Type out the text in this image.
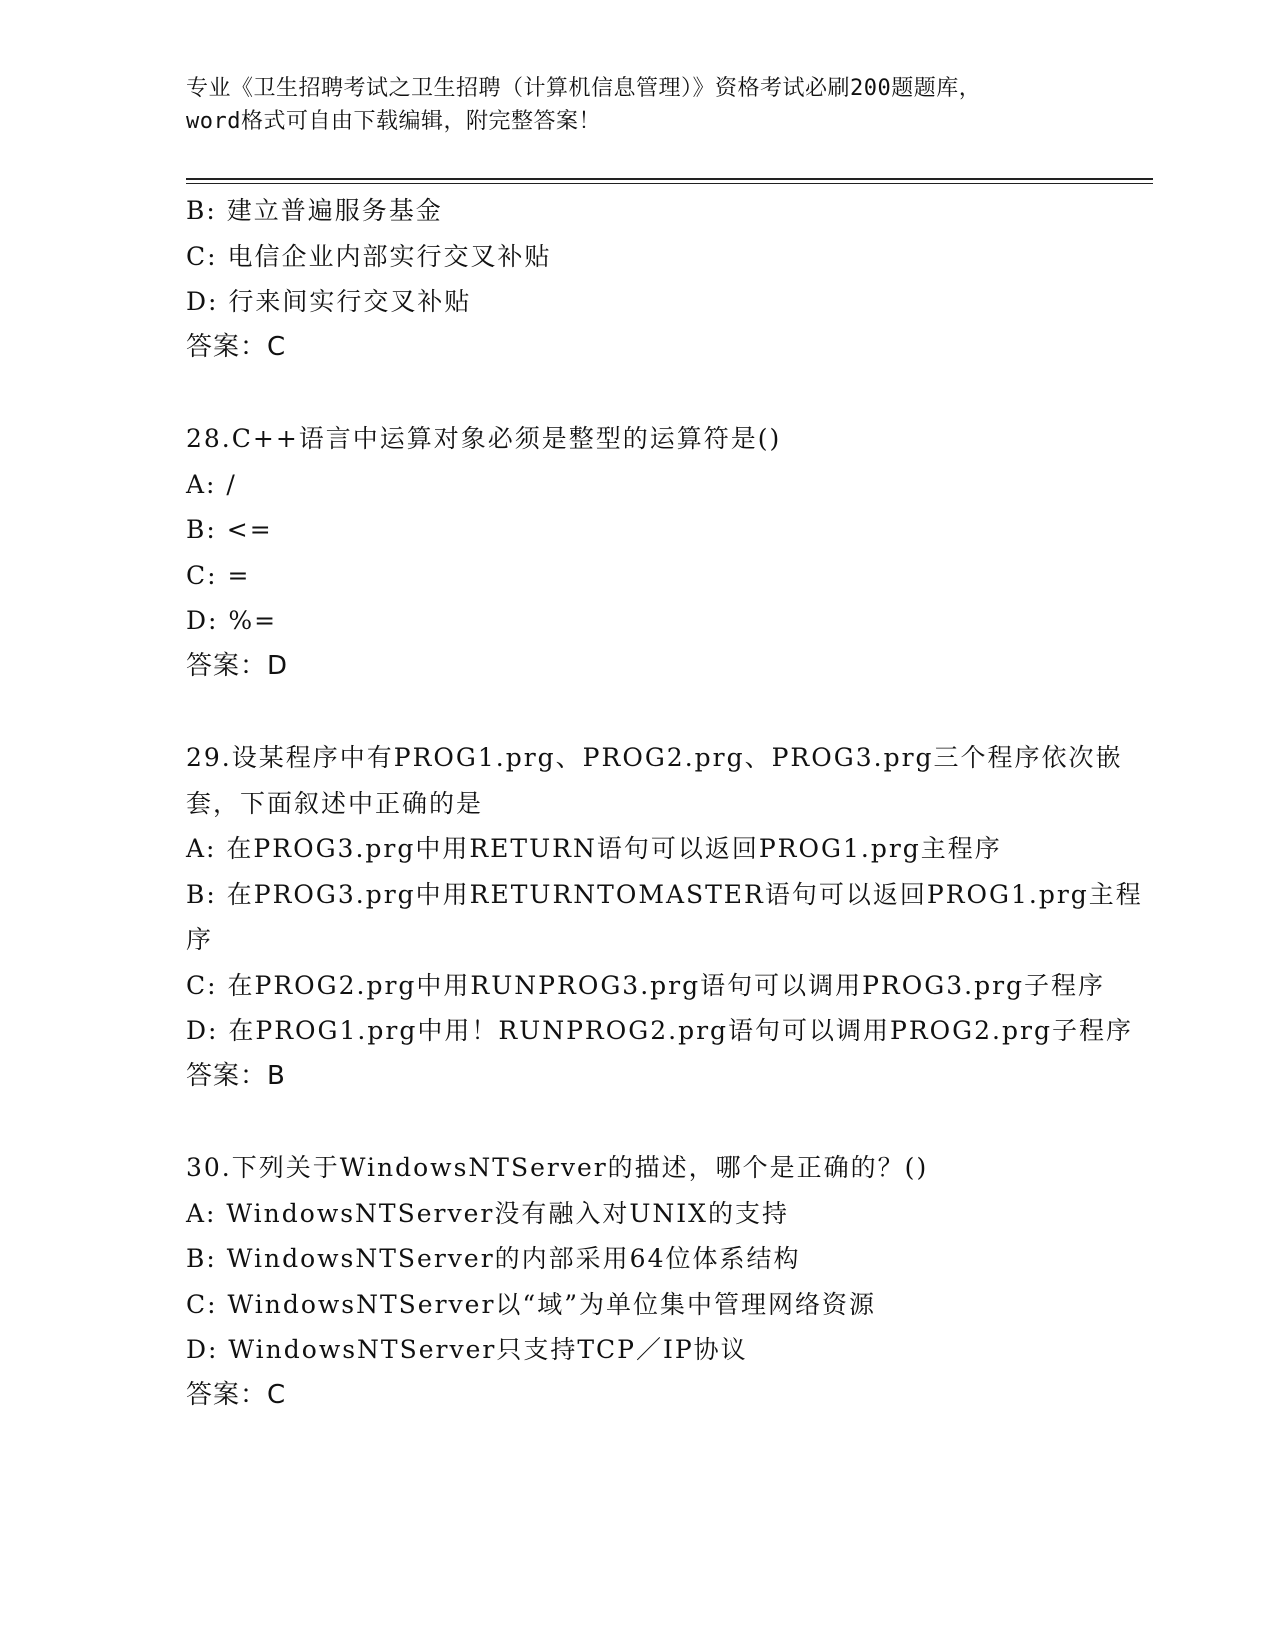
专业《卫生招聘考试之卫生招聘（计算机信息管理）》资格考试必刷200题题库，
word格式可自由下载编辑，附完整答案！
B: 建立普遍服务基金
C: 电信企业内部实行交叉补贴
D: 行来间实行交叉补贴
答案：C
28.C++语言中运算对象必须是整型的运算符是()
A: /
B: <=
C: =
D: %=
答案：D
29.设某程序中有PROG1.prg、PROG2.prg、PROG3.prg三个程序依次嵌
套，下面叙述中正确的是
A: 在PROG3.prg中用RETURN语句可以返回PROG1.prg主程序
B: 在PROG3.prg中用RETURNTOMASTER语句可以返回PROG1.prg主程
序
C: 在PROG2.prg中用RUNPROG3.prg语句可以调用PROG3.prg子程序
D: 在PROG1.prg中用！RUNPROG2.prg语句可以调用PROG2.prg子程序
答案：B
30.下列关于WindowsNTServer的描述，哪个是正确的？()
A: WindowsNTServer没有融入对UNIX的支持
B: WindowsNTServer的内部采用64位体系结构
C: WindowsNTServer以“域”为单位集中管理网络资源
D: WindowsNTServer只支持TCP／IP协议
答案：C
